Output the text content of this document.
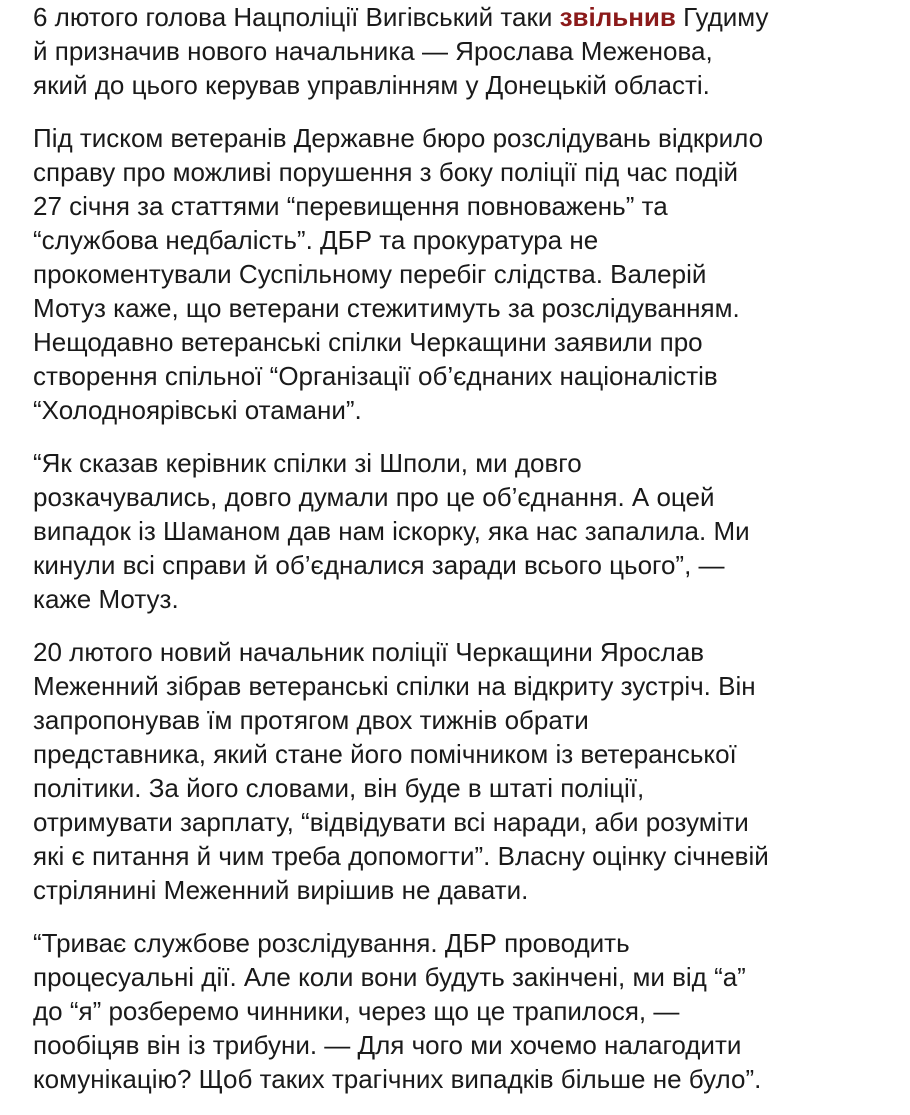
6 лютого голова Нацполіції Вигівський таки звільнив Гудиму
й призначив нового начальника — Ярослава Меженова,
який до цього керував управлінням у Донецькій області.

Під тиском ветеранів Державне бюро розслідувань відкрило
справу про можливі порушення з боку поліції під час подій
27 січня за статтями “перевищення повноважень” та
“службова недбалість”. ДБР та прокуратура не
прокоментували Суспільному перебіг слідства. Валерій
Мотуз каже, що ветерани стежитимуть за розслідуванням.
Нещодавно ветеранські спілки Черкащини заявили про
створення спільної “Організації об’єднаних націоналістів
“Холодноярівські отамани”.

“Як сказав керівник спілки зі Шполи, ми довго
розкачувались, довго думали про це об’єднання. А оцей
випадок із Шаманом дав нам іскорку, яка нас запалила. Ми
кинули всі справи й об’єдналися заради всього цього”, —
каже Мотуз.

20 лютого новий начальник поліції Черкащини Ярослав
Меженний зібрав ветеранські спілки на відкриту зустріч. Він
запропонував їм протягом двох тижнів обрати
представника, який стане його помічником із ветеранської
політики. За його словами, він буде в штаті поліції,
отримувати зарплату, “відвідувати всі наради, аби розуміти
які є питання й чим треба допомогти”. Власну оцінку січневій
стрілянині Меженний вирішив не давати.

“Триває службове розслідування. ДБР проводить
процесуальні дії. Але коли вони будуть закінчені, ми від “а”
до “я” розберемо чинники, через що це трапилося, —
пообіцяв він із трибуни. — Для чого ми хочемо налагодити
комунікацію? Щоб таких трагічних випадків більше не було”.
